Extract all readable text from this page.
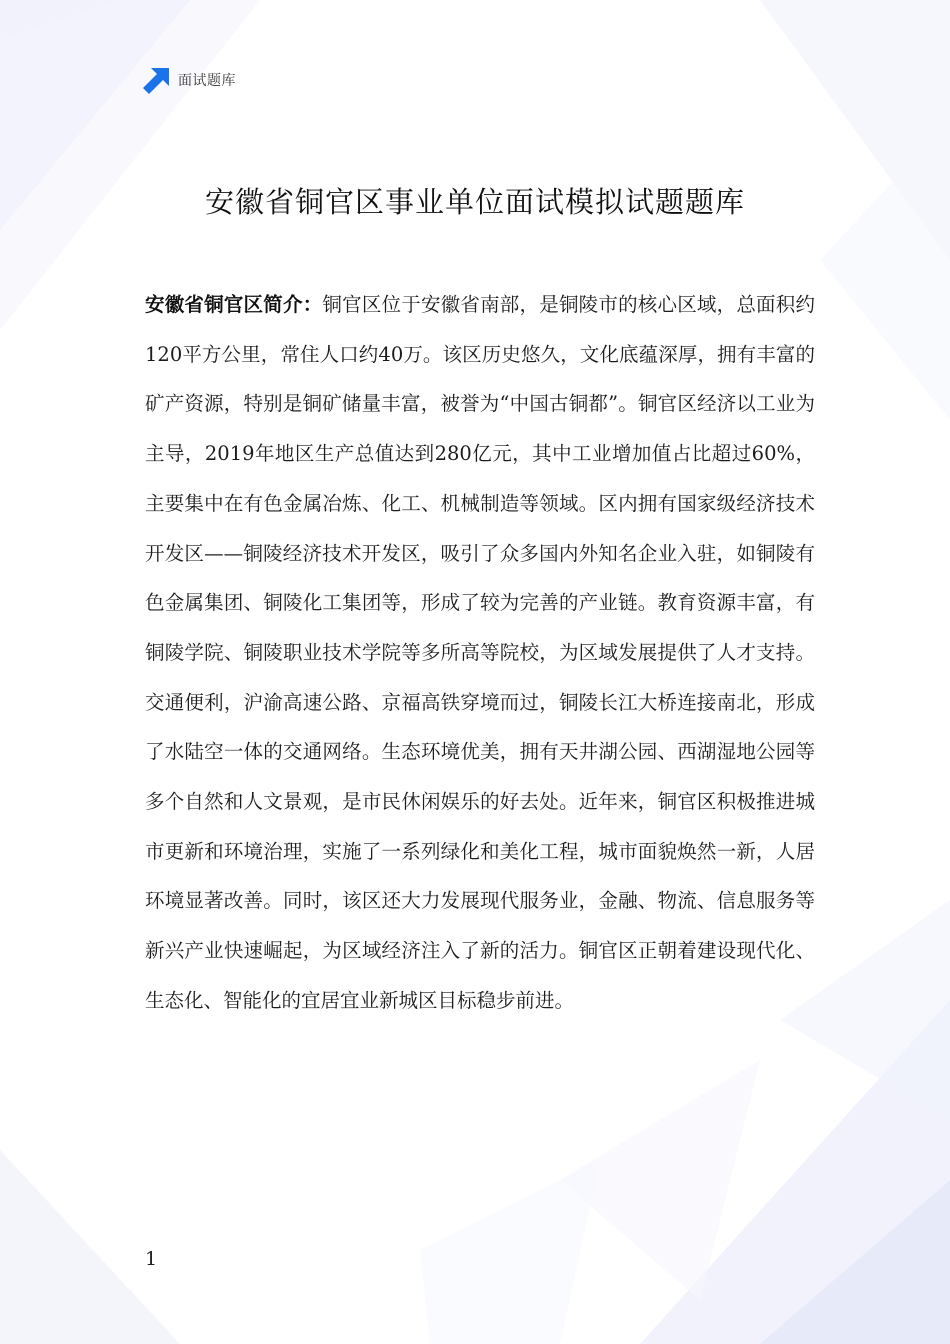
面试题库
安徽省铜官区事业单位面试模拟试题题库

安徽省铜官区简介：铜官区位于安徽省南部，是铜陵市的核心区域，总面积约120平方公里，常住人口约40万。该区历史悠久，文化底蕴深厚，拥有丰富的矿产资源，特别是铜矿储量丰富，被誉为“中国古铜都”。铜官区经济以工业为主导，2019年地区生产总值达到280亿元，其中工业增加值占比超过60%，主要集中在有色金属冶炼、化工、机械制造等领域。区内拥有国家级经济技术开发区——铜陵经济技术开发区，吸引了众多国内外知名企业入驻，如铜陵有色金属集团、铜陵化工集团等，形成了较为完善的产业链。教育资源丰富，有铜陵学院、铜陵职业技术学院等多所高等院校，为区域发展提供了人才支持。交通便利，沪渝高速公路、京福高铁穿境而过，铜陵长江大桥连接南北，形成了水陆空一体的交通网络。生态环境优美，拥有天井湖公园、西湖湿地公园等多个自然和人文景观，是市民休闲娱乐的好去处。近年来，铜官区积极推进城市更新和环境治理，实施了一系列绿化和美化工程，城市面貌焕然一新，人居环境显著改善。同时，该区还大力发展现代服务业，金融、物流、信息服务等新兴产业快速崛起，为区域经济注入了新的活力。铜官区正朝着建设现代化、生态化、智能化的宜居宜业新城区目标稳步前进。

1
